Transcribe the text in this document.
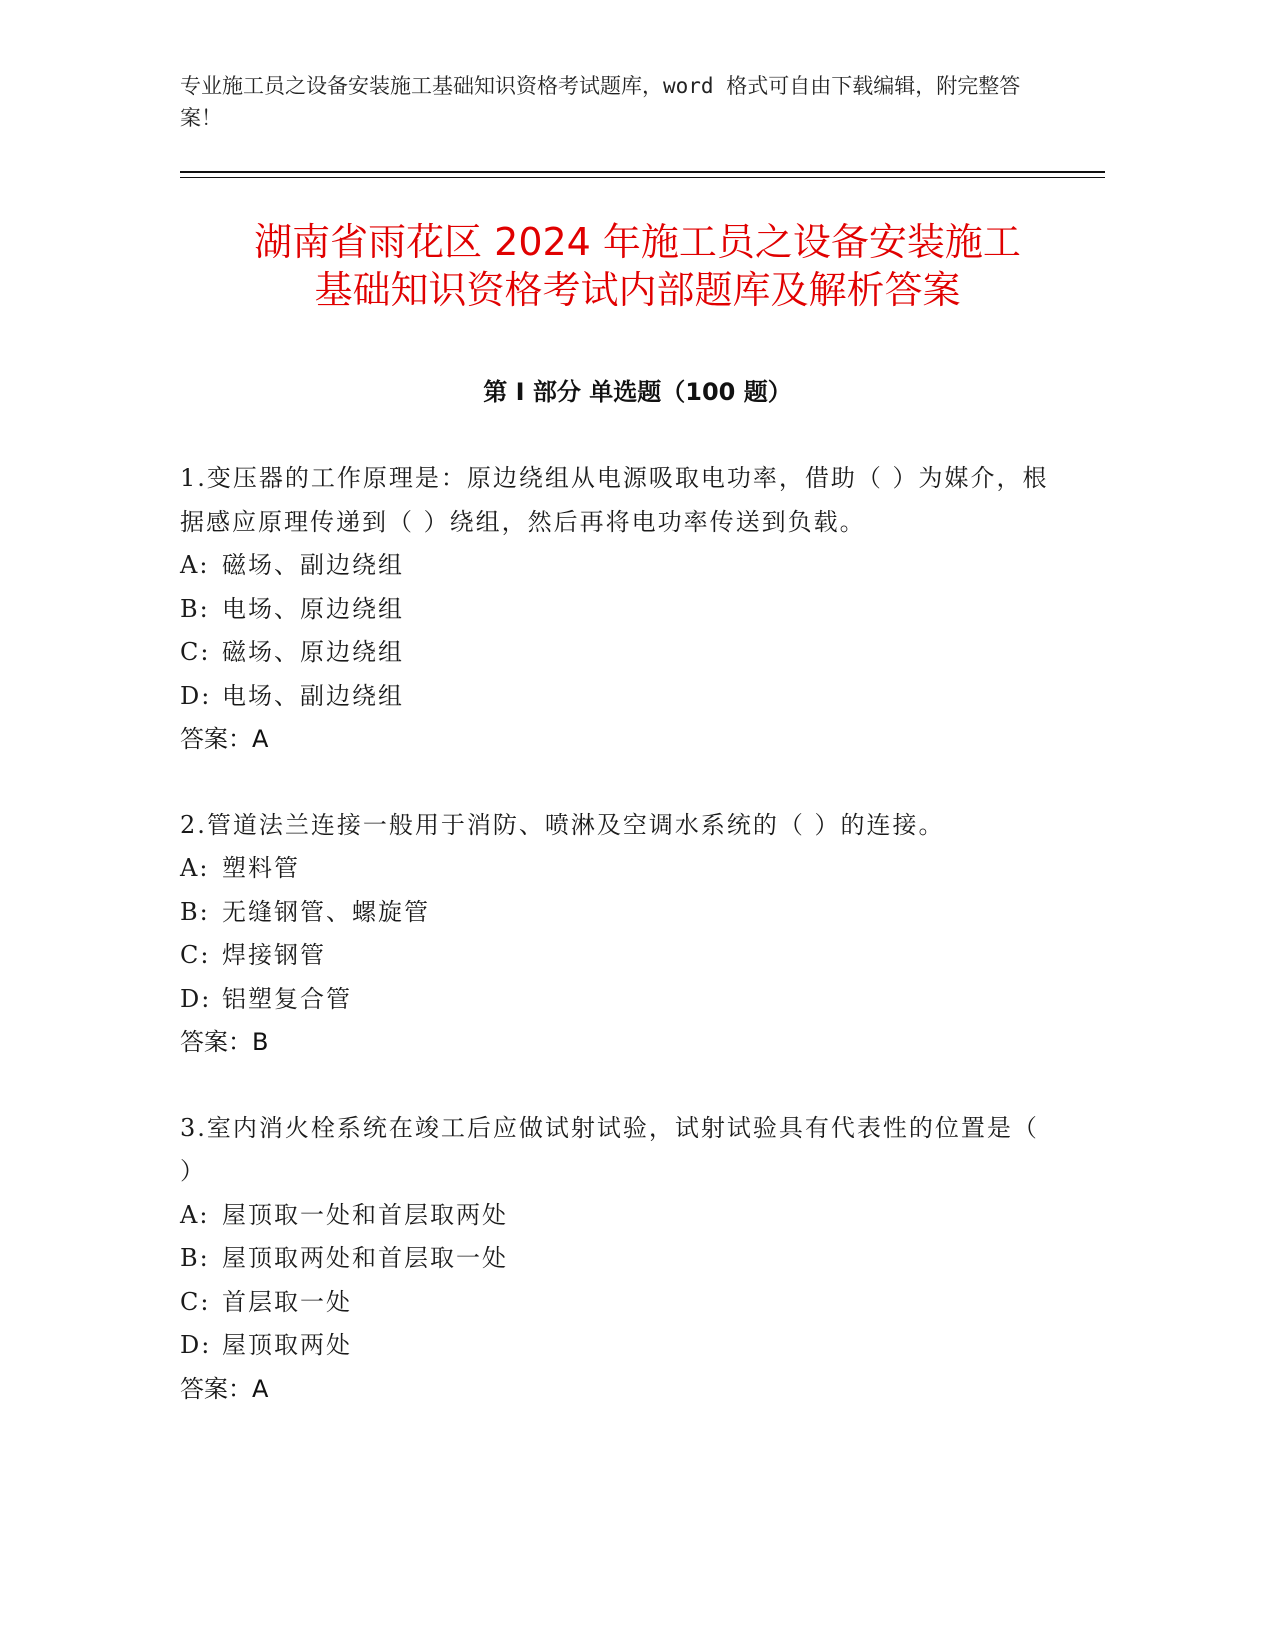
专业施工员之设备安装施工基础知识资格考试题库，word 格式可自由下载编辑，附完整答案！
湖南省雨花区 2024 年施工员之设备安装施工
基础知识资格考试内部题库及解析答案
第 I 部分 单选题（100 题）
1.变压器的工作原理是：原边绕组从电源吸取电功率，借助（ ）为媒介，根据感应原理传递到（ ）绕组，然后再将电功率传送到负载。
A: 磁场、副边绕组
B: 电场、原边绕组
C: 磁场、原边绕组
D: 电场、副边绕组
答案：A
2.管道法兰连接一般用于消防、喷淋及空调水系统的（ ）的连接。
A: 塑料管
B: 无缝钢管、螺旋管
C: 焊接钢管
D: 铝塑复合管
答案：B
3.室内消火栓系统在竣工后应做试射试验，试射试验具有代表性的位置是（ ）
A: 屋顶取一处和首层取两处
B: 屋顶取两处和首层取一处
C: 首层取一处
D: 屋顶取两处
答案：A
